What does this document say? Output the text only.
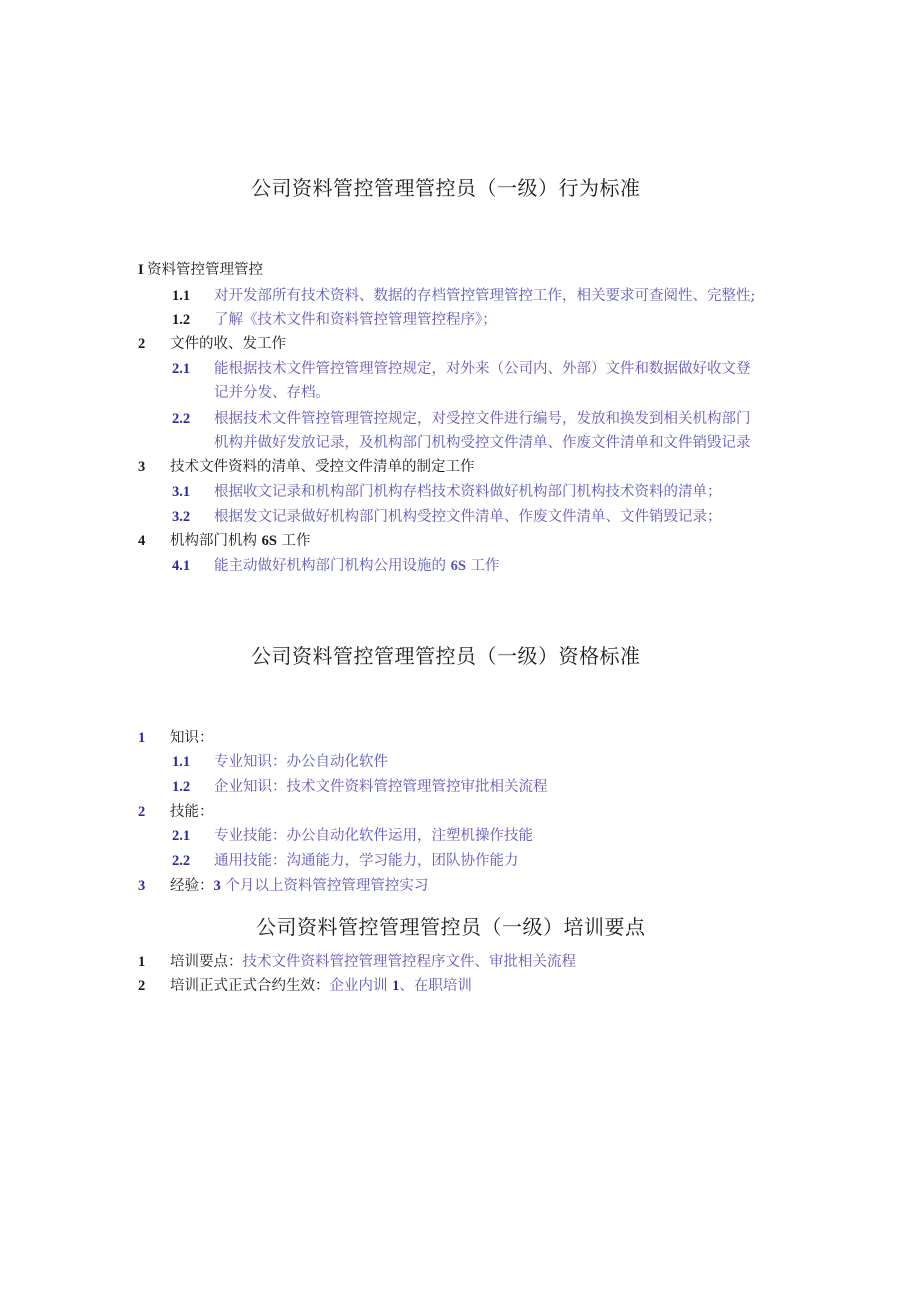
公司资料管控管理管控员（一级）行为标准
I 资料管控管理管控
1.1 对开发部所有技术资料、数据的存档管控管理管控工作，相关要求可查阅性、完整性;
1.2 了解《技术文件和资料管控管理管控程序》；
2 文件的收、发工作
2.1 能根据技术文件管控管理管控规定，对外来（公司内、外部）文件和数据做好收文登
记并分发、存档。
2.2 根据技术文件管控管理管控规定，对受控文件进行编号，发放和换发到相关机构部门
机构并做好发放记录，及机构部门机构受控文件清单、作废文件清单和文件销毁记录
3 技术文件资料的清单、受控文件清单的制定工作
3.1 根据收文记录和机构部门机构存档技术资料做好机构部门机构技术资料的清单；
3.2 根据发文记录做好机构部门机构受控文件清单、作废文件清单、文件销毁记录；
4 机构部门机构 6S 工作
4.1 能主动做好机构部门机构公用设施的 6S 工作
公司资料管控管理管控员（一级）资格标准
1 知识：
1.1 专业知识：办公自动化软件
1.2 企业知识：技术文件资料管控管理管控审批相关流程
2 技能：
2.1 专业技能：办公自动化软件运用，注塑机操作技能
2.2 通用技能：沟通能力，学习能力，团队协作能力
3 经验：3 个月以上资料管控管理管控实习
公司资料管控管理管控员（一级）培训要点
1 培训要点：技术文件资料管控管理管控程序文件、审批相关流程
2 培训正式正式合约生效：企业内训 1、在职培训
